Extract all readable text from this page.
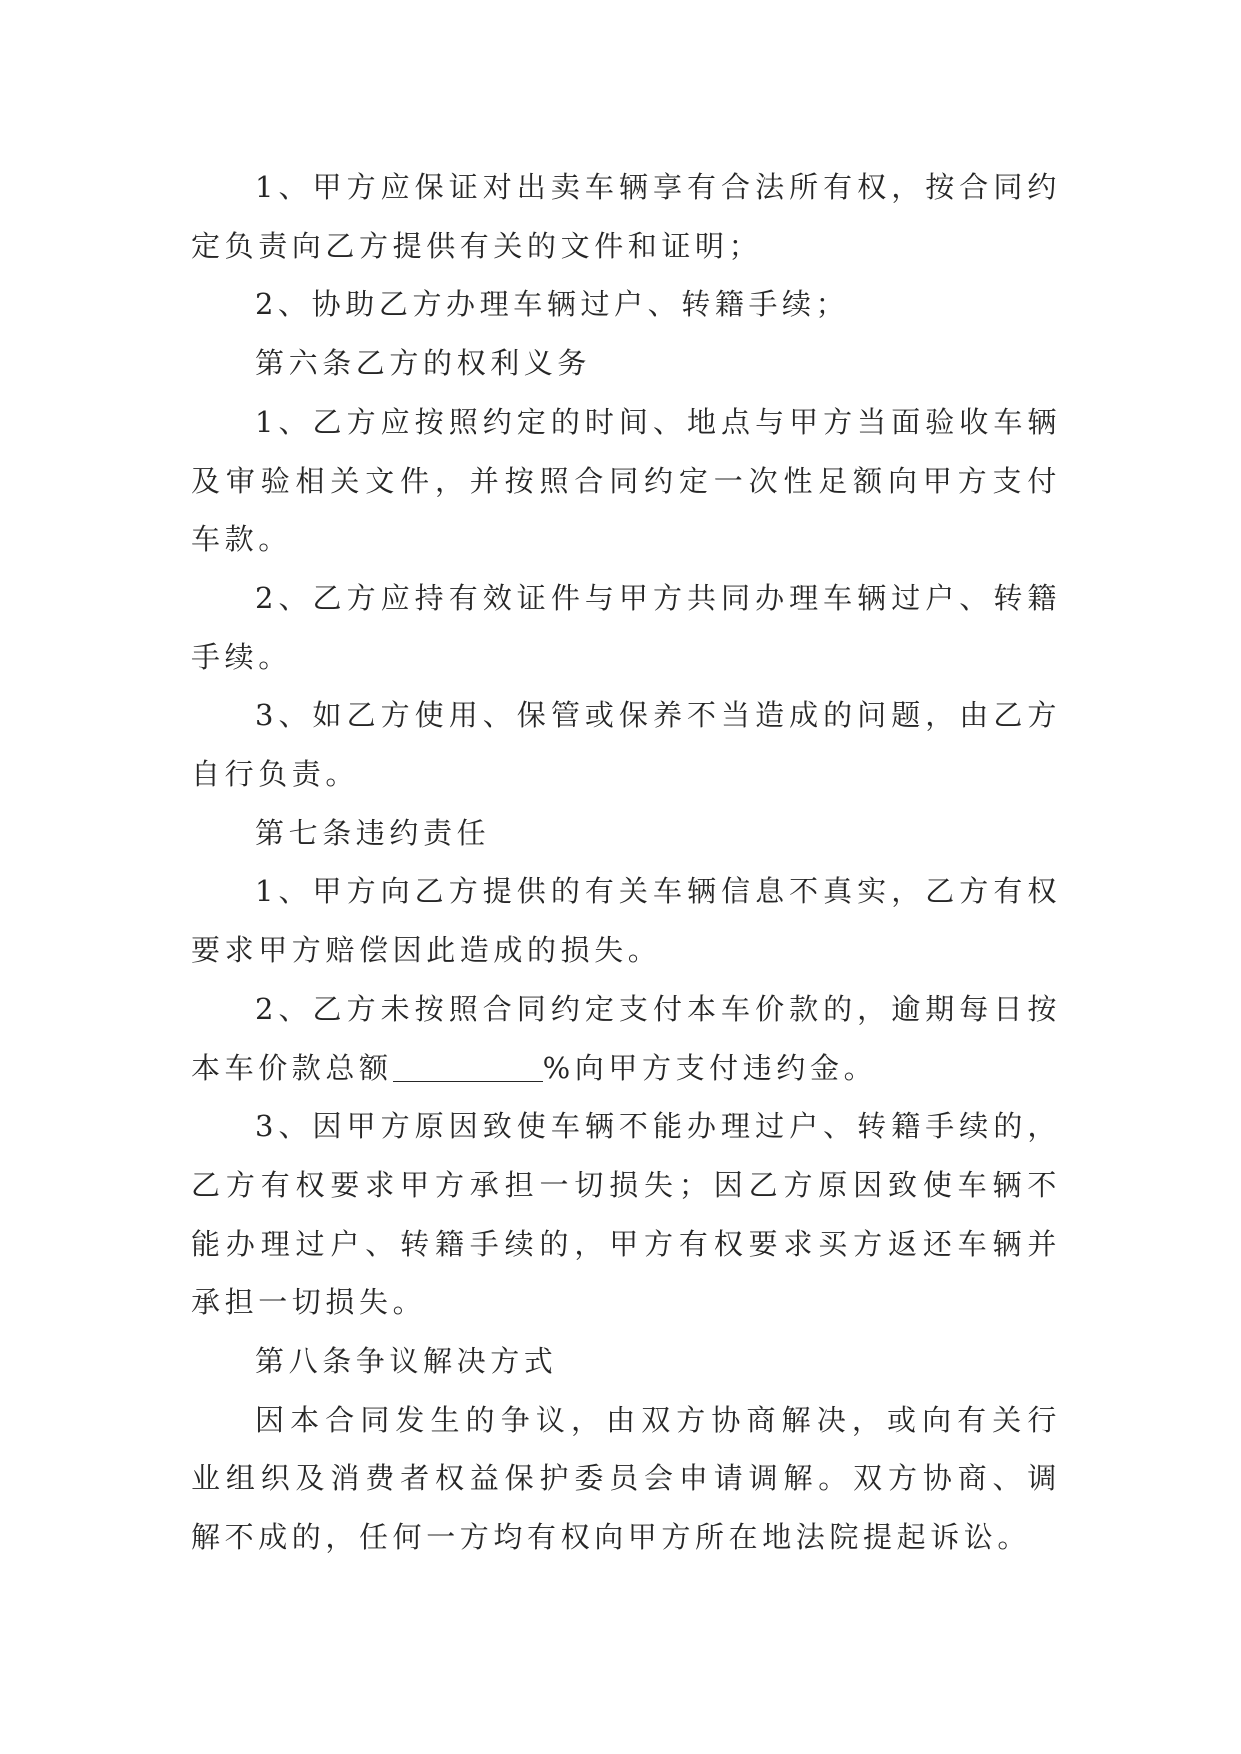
1、甲方应保证对出卖车辆享有合法所有权，按合同约定负责向乙方提供有关的文件和证明；

2、协助乙方办理车辆过户、转籍手续；

第六条乙方的权利义务

1、乙方应按照约定的时间、地点与甲方当面验收车辆及审验相关文件，并按照合同约定一次性足额向甲方支付车款。

2、乙方应持有效证件与甲方共同办理车辆过户、转籍手续。

3、如乙方使用、保管或保养不当造成的问题，由乙方自行负责。

第七条违约责任

1、甲方向乙方提供的有关车辆信息不真实，乙方有权要求甲方赔偿因此造成的损失。

2、乙方未按照合同约定支付本车价款的，逾期每日按本车价款总额	%向甲方支付违约金。

3、因甲方原因致使车辆不能办理过户、转籍手续的，乙方有权要求甲方承担一切损失；因乙方原因致使车辆不能办理过户、转籍手续的，甲方有权要求买方返还车辆并承担一切损失。

第八条争议解决方式

因本合同发生的争议，由双方协商解决，或向有关行业组织及消费者权益保护委员会申请调解。双方协商、调解不成的，任何一方均有权向甲方所在地法院提起诉讼。
